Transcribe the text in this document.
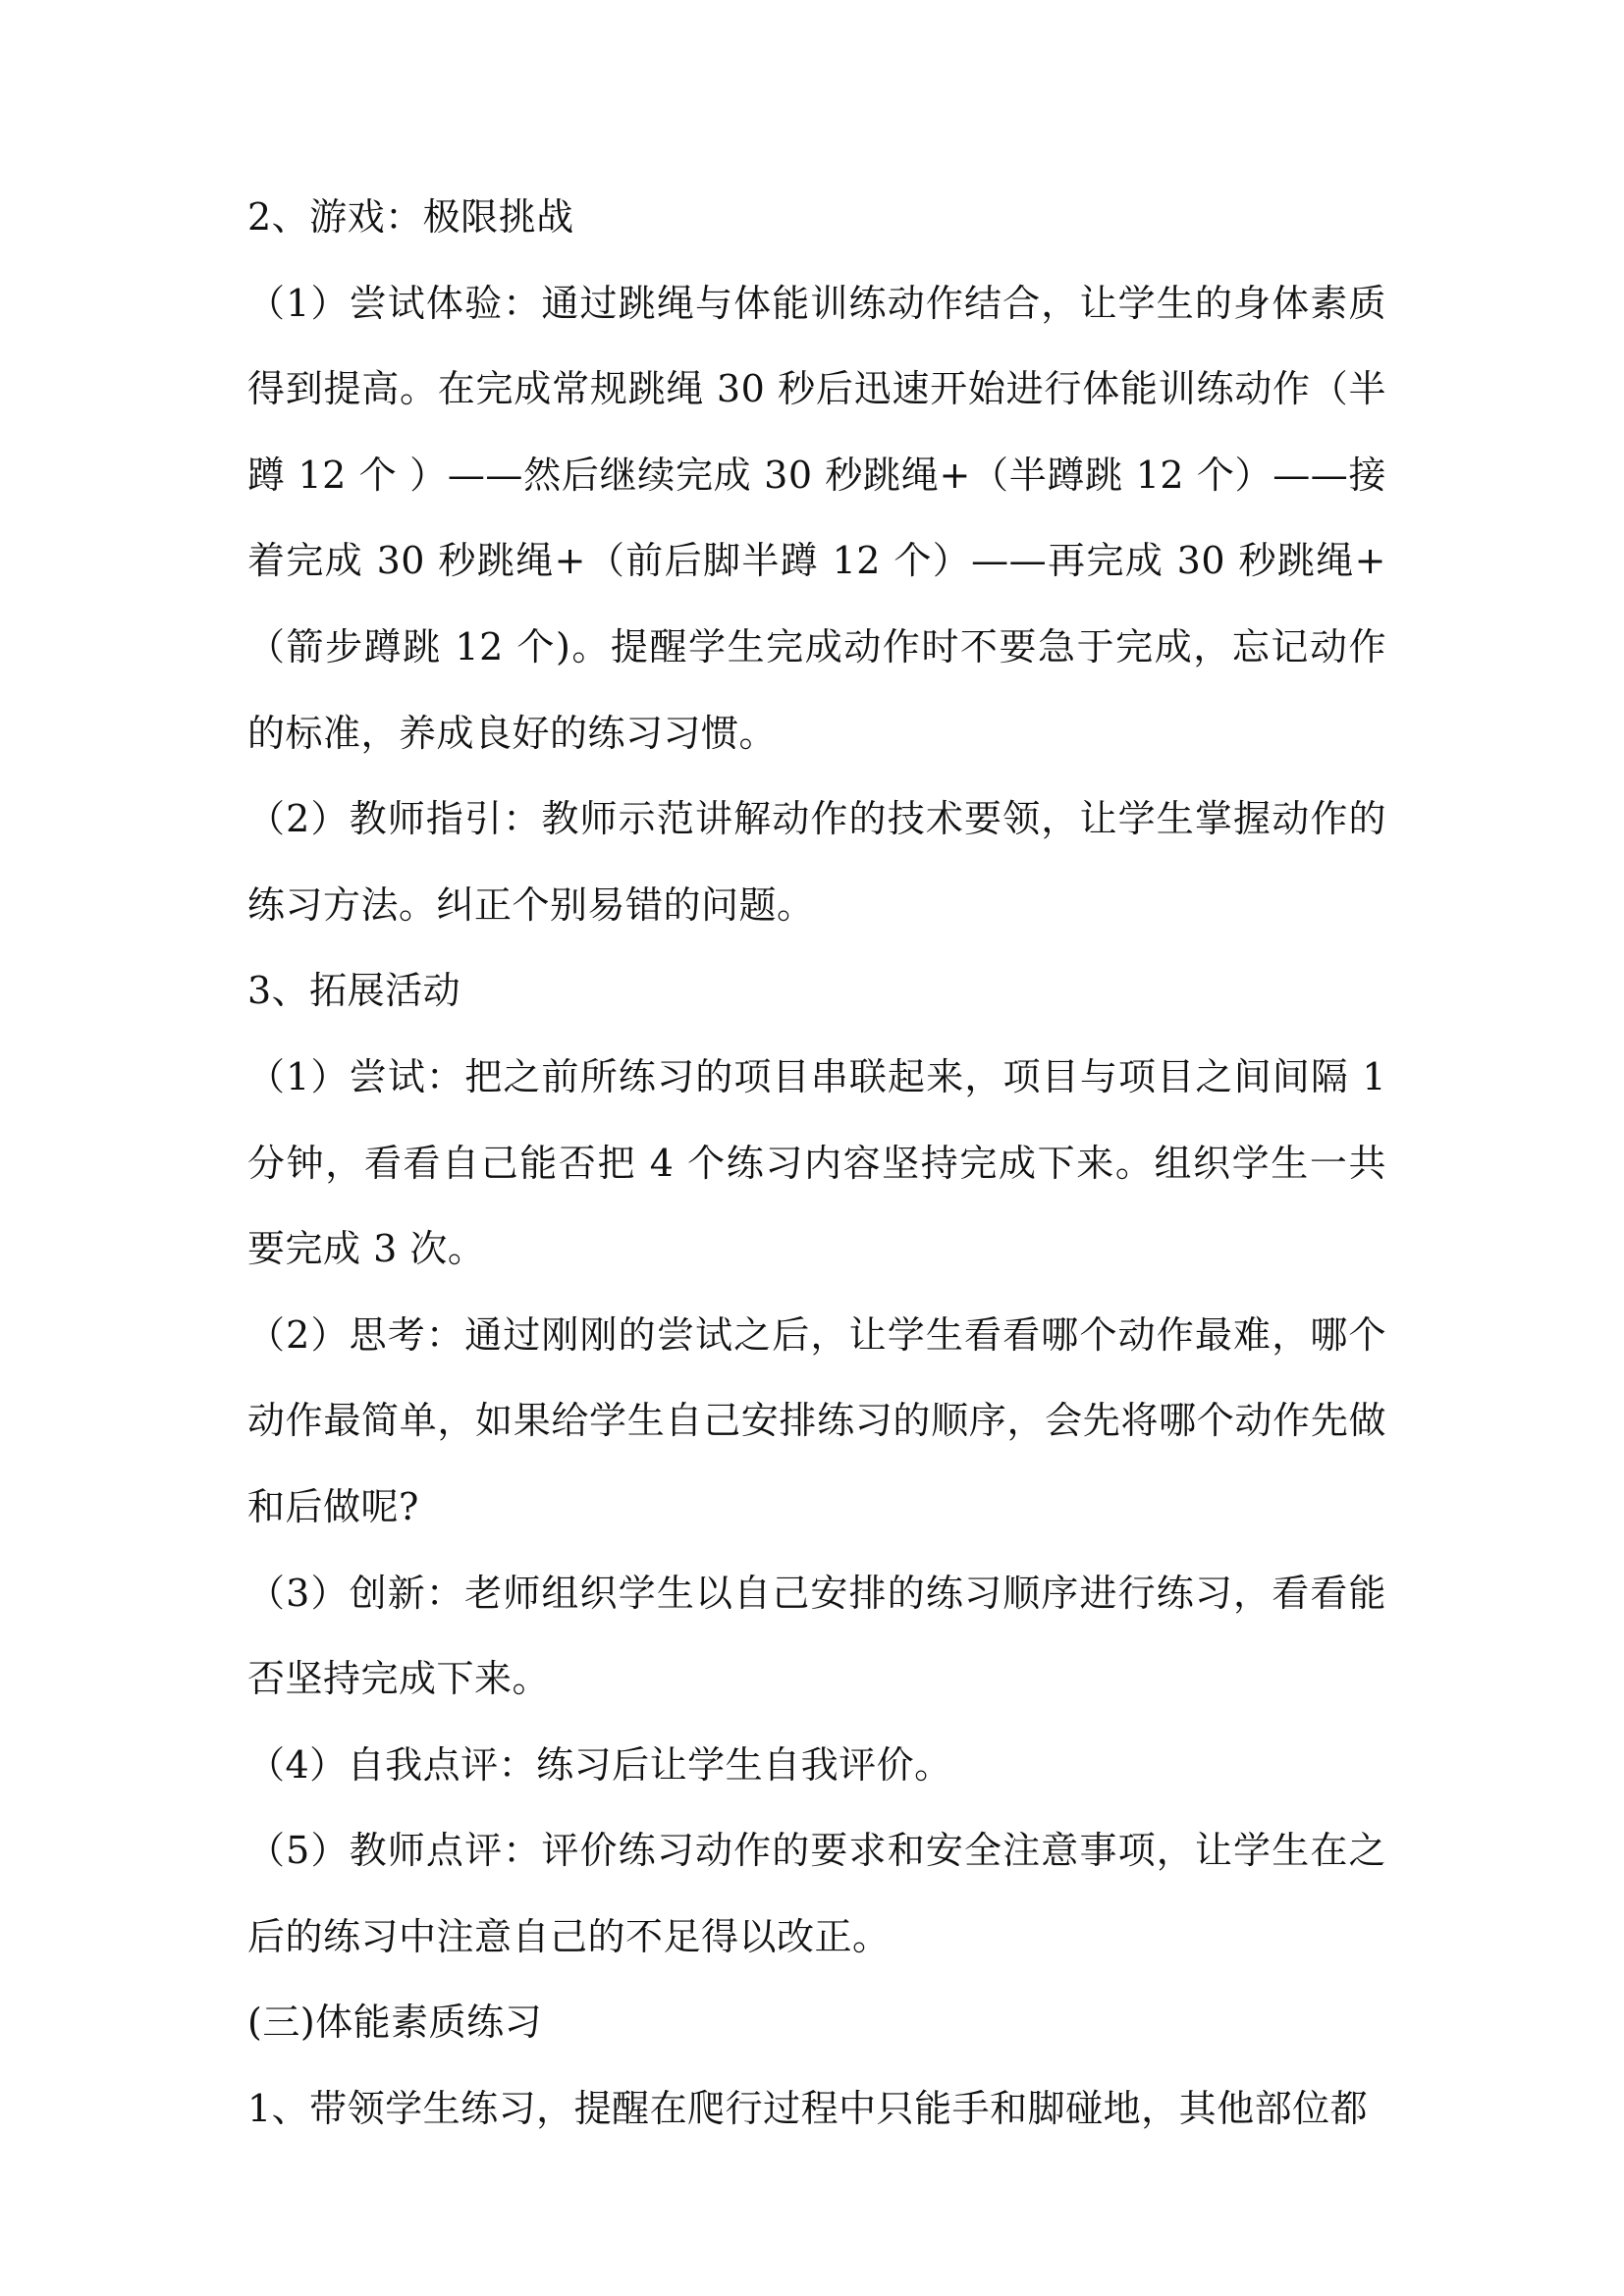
2、游戏：极限挑战

（1）尝试体验：通过跳绳与体能训练动作结合，让学生的身体素质得到提高。在完成常规跳绳 30 秒后迅速开始进行体能训练动作（半蹲 12 个 ）——然后继续完成 30 秒跳绳+（半蹲跳 12 个）——接着完成 30 秒跳绳+（前后脚半蹲 12 个）——再完成 30 秒跳绳+（箭步蹲跳 12 个)。提醒学生完成动作时不要急于完成，忘记动作的标准，养成良好的练习习惯。

（2）教师指引：教师示范讲解动作的技术要领，让学生掌握动作的练习方法。纠正个别易错的问题。

3、拓展活动

（1）尝试：把之前所练习的项目串联起来，项目与项目之间间隔 1 分钟，看看自己能否把 4 个练习内容坚持完成下来。组织学生一共要完成 3 次。

（2）思考：通过刚刚的尝试之后，让学生看看哪个动作最难，哪个动作最简单，如果给学生自己安排练习的顺序，会先将哪个动作先做和后做呢?

（3）创新：老师组织学生以自己安排的练习顺序进行练习，看看能否坚持完成下来。

（4）自我点评：练习后让学生自我评价。

（5）教师点评：评价练习动作的要求和安全注意事项，让学生在之后的练习中注意自己的不足得以改正。

(三)体能素质练习

1、带领学生练习，提醒在爬行过程中只能手和脚碰地，其他部位都
